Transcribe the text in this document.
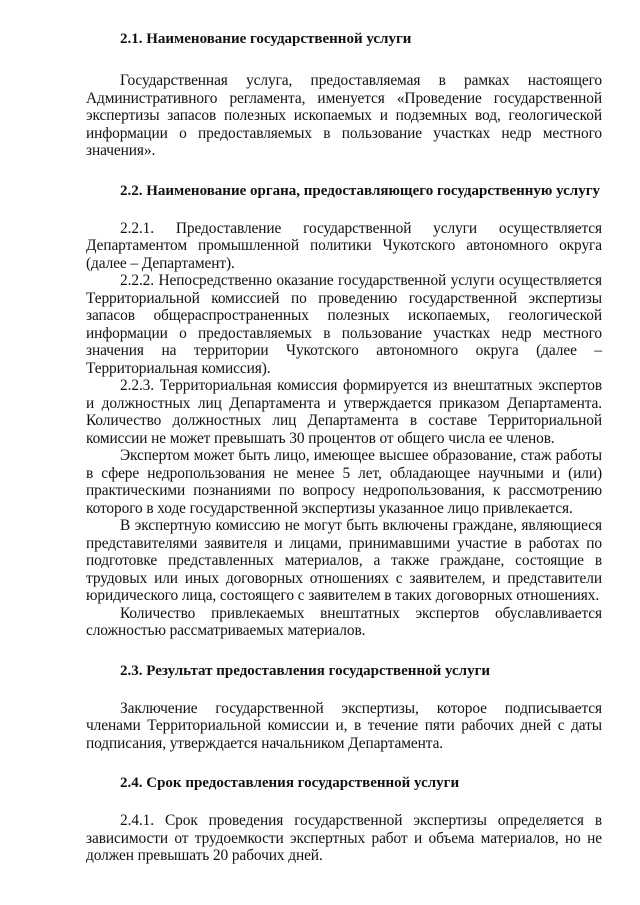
2.1. Наименование государственной услуги

Государственная услуга, предоставляемая в рамках настоящего Административного регламента, именуется «Проведение государственной экспертизы запасов полезных ископаемых и подземных вод, геологической информации о предоставляемых в пользование участках недр местного значения».

2.2. Наименование органа, предоставляющего государственную услугу

2.2.1. Предоставление государственной услуги осуществляется Департаментом промышленной политики Чукотского автономного округа (далее – Департамент).

2.2.2. Непосредственно оказание государственной услуги осуществляется Территориальной комиссией по проведению государственной экспертизы запасов общераспространенных полезных ископаемых, геологической информации о предоставляемых в пользование участках недр местного значения на территории Чукотского автономного округа (далее – Территориальная комиссия).

2.2.3. Территориальная комиссия формируется из внештатных экспертов и должностных лиц Департамента и утверждается приказом Департамента. Количество должностных лиц Департамента в составе Территориальной комиссии не может превышать 30 процентов от общего числа ее членов.

Экспертом может быть лицо, имеющее высшее образование, стаж работы в сфере недропользования не менее 5 лет, обладающее научными и (или) практическими познаниями по вопросу недропользования, к рассмотрению которого в ходе государственной экспертизы указанное лицо привлекается.

В экспертную комиссию не могут быть включены граждане, являющиеся представителями заявителя и лицами, принимавшими участие в работах по подготовке представленных материалов, а также граждане, состоящие в трудовых или иных договорных отношениях с заявителем, и представители юридического лица, состоящего с заявителем в таких договорных отношениях.

Количество привлекаемых внештатных экспертов обуславливается сложностью рассматриваемых материалов.

2.3. Результат предоставления государственной услуги

Заключение государственной экспертизы, которое подписывается членами Территориальной комиссии и, в течение пяти рабочих дней с даты подписания, утверждается начальником Департамента.

2.4. Срок предоставления государственной услуги

2.4.1. Срок проведения государственной экспертизы определяется в зависимости от трудоемкости экспертных работ и объема материалов, но не должен превышать 20 рабочих дней.
